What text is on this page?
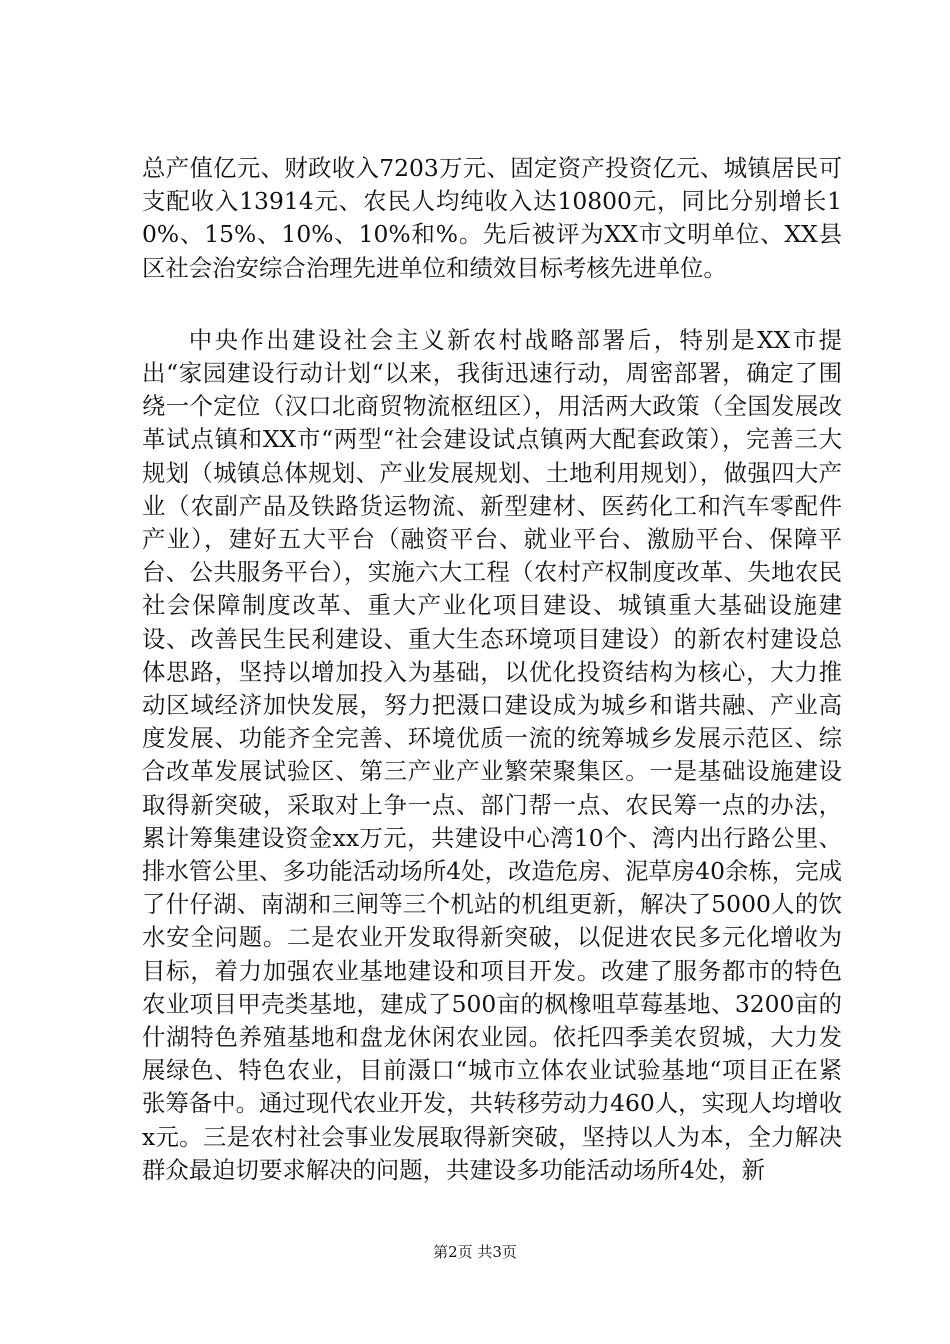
总产值亿元、财政收入7203万元、固定资产投资亿元、城镇居民可支配收入13914元、农民人均纯收入达10800元，同比分别增长10%、15%、10%、10%和%。先后被评为XX市文明单位、XX县区社会治安综合治理先进单位和绩效目标考核先进单位。

中央作出建设社会主义新农村战略部署后，特别是XX市提出“家园建设行动计划“以来，我街迅速行动，周密部署，确定了围绕一个定位（汉口北商贸物流枢纽区），用活两大政策（全国发展改革试点镇和XX市“两型“社会建设试点镇两大配套政策），完善三大规划（城镇总体规划、产业发展规划、土地利用规划），做强四大产业（农副产品及铁路货运物流、新型建材、医药化工和汽车零配件产业），建好五大平台（融资平台、就业平台、激励平台、保障平台、公共服务平台），实施六大工程（农村产权制度改革、失地农民社会保障制度改革、重大产业化项目建设、城镇重大基础设施建设、改善民生民利建设、重大生态环境项目建设）的新农村建设总体思路，坚持以增加投入为基础，以优化投资结构为核心，大力推动区域经济加快发展，努力把滠口建设成为城乡和谐共融、产业高度发展、功能齐全完善、环境优质一流的统筹城乡发展示范区、综合改革发展试验区、第三产业产业繁荣聚集区。一是基础设施建设取得新突破，采取对上争一点、部门帮一点、农民筹一点的办法，累计筹集建设资金xx万元，共建设中心湾10个、湾内出行路公里、排水管公里、多功能活动场所4处，改造危房、泥草房40余栋，完成了什仔湖、南湖和三闸等三个机站的机组更新，解决了5000人的饮水安全问题。二是农业开发取得新突破，以促进农民多元化增收为目标，着力加强农业基地建设和项目开发。改建了服务都市的特色农业项目甲壳类基地，建成了500亩的枫橡咀草莓基地、3200亩的什湖特色养殖基地和盘龙休闲农业园。依托四季美农贸城，大力发展绿色、特色农业，目前滠口“城市立体农业试验基地“项目正在紧张筹备中。通过现代农业开发，共转移劳动力460人，实现人均增收x元。三是农村社会事业发展取得新突破，坚持以人为本，全力解决群众最迫切要求解决的问题，共建设多功能活动场所4处，新

第2页 共3页
